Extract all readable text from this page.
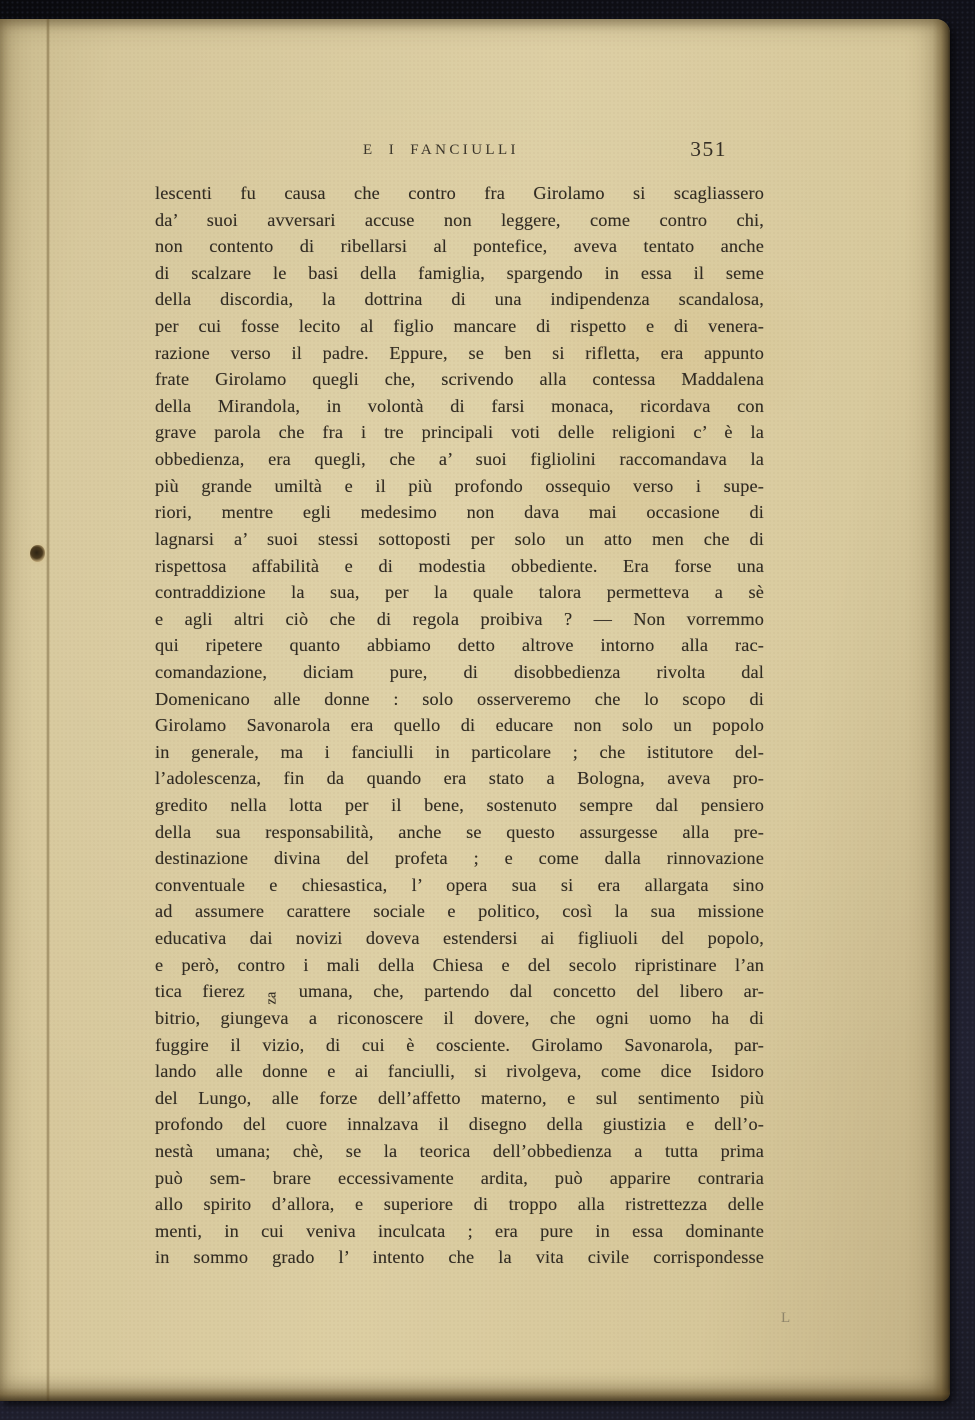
E I FANCIULLI	351
lescenti fu causa che contro fra Girolamo si scagliassero
da’ suoi avversari accuse non leggere, come contro chi,
non contento di ribellarsi al pontefice, aveva tentato anche
di scalzare le basi della famiglia, spargendo in essa il seme
della discordia, la dottrina di una indipendenza scandalosa,
per cui fosse lecito al figlio mancare di rispetto e di venera-
razione verso il padre. Eppure, se ben si rifletta, era appunto
frate Girolamo quegli che, scrivendo alla contessa Maddalena
della Mirandola, in volontà di farsi monaca, ricordava con
grave parola che fra i tre principali voti delle religioni c’ è la
obbedienza, era quegli, che a’ suoi figliolini raccomandava la
più grande umiltà e il più profondo ossequio verso i supe-
riori, mentre egli medesimo non dava mai occasione di
lagnarsi a’ suoi stessi sottoposti per solo un atto men che di
rispettosa affabilità e di modestia obbediente. Era forse una
contraddizione la sua, per la quale talora permetteva a sè
e agli altri ciò che di regola proibiva ? — Non vorremmo
qui ripetere quanto abbiamo detto altrove intorno alla rac-
comandazione, diciam pure, di disobbedienza rivolta dal
Domenicano alle donne : solo osserveremo che lo scopo di
Girolamo Savonarola era quello di educare non solo un popolo
in generale, ma i fanciulli in particolare ; che istitutore del-
l’adolescenza, fin da quando era stato a Bologna, aveva pro-
gredito nella lotta per il bene, sostenuto sempre dal pensiero
della sua responsabilità, anche se questo assurgesse alla pre-
destinazione divina del profeta ; e come dalla rinnovazione
conventuale e chiesastica, l’ opera sua si era allargata sino
ad assumere carattere sociale e politico, così la sua missione
educativa dai novizi doveva estendersi ai figliuoli del popolo,
e però, contro i mali della Chiesa e del secolo ripristinare l’an
tica fierez za umana, che, partendo dal concetto del libero ar-
bitrio, giungeva a riconoscere il dovere, che ogni uomo ha di
fuggire il vizio, di cui è cosciente. Girolamo Savonarola, par-
lando alle donne e ai fanciulli, si rivolgeva, come dice Isidoro
del Lungo, alle forze dell’affetto materno, e sul sentimento più
profondo del cuore innalzava il disegno della giustizia e dell’o-
nestà umana; chè, se la teorica dell’obbedienza a tutta prima
può sem- brare eccessivamente ardita, può apparire contraria
allo spirito d’allora, e superiore di troppo alla ristrettezza delle
menti, in cui veniva inculcata ; era pure in essa dominante
in sommo grado l’ intento che la vita civile corrispondesse
L
